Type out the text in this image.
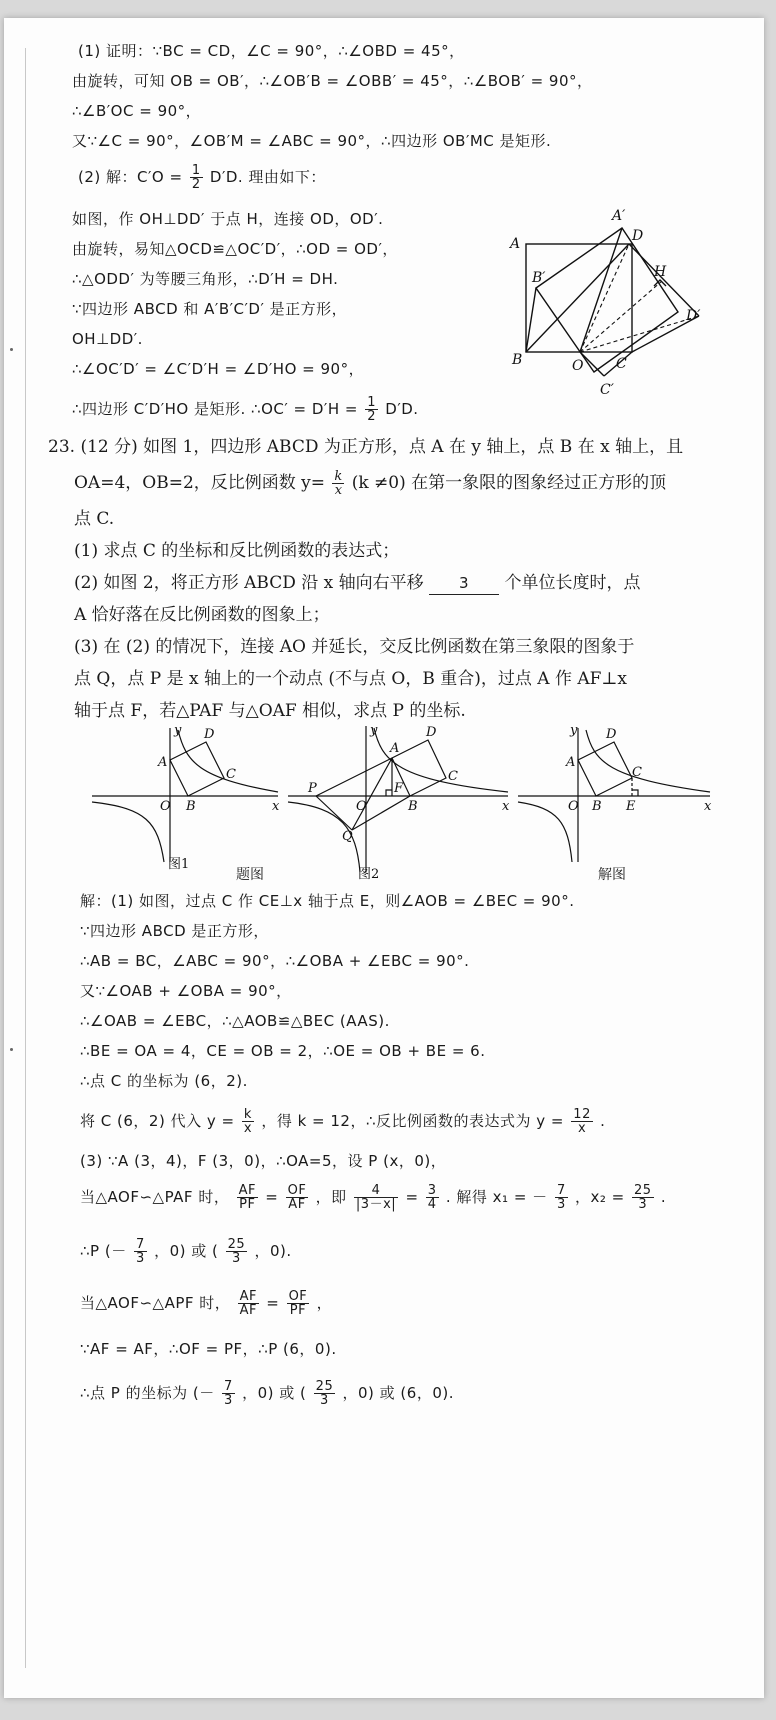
(1) 证明：∵BC = CD，∠C = 90°，∴∠OBD = 45°，
由旋转，可知 OB = OB′，∴∠OB′B = ∠OBB′ = 45°，∴∠BOB′ = 90°，
∴∠B′OC = 90°，
又∵∠C = 90°，∠OB′M = ∠ABC = 90°，∴四边形 OB′MC 是矩形.
(2) 解：$C'O = \frac{1}{2} D'D$. 理由如下：
如图，作 OH⊥DD′ 于点 H，连接 OD，OD′.
由旋转，易知△OCD≌△OC′D′，∴OD = OD′，
∴△ODD′ 为等腰三角形，∴D′H = DH.
∵四边形 ABCD 和 A′B′C′D′ 是正方形，
OH⊥DD′.
∴∠OC′D′ = ∠C′D′H = ∠D′HO = 90°，
∴四边形 C′D′HO 是矩形. ∴OC′ = $D'H = \frac{1}{2} D'D$.
A
A′
D
H
B′
D′
B	O C
C′
23. (12 分) 如图 1，四边形 ABCD 为正方形，点 A 在 y 轴上，点 B 在 x 轴上，且
OA=4，OB=2，反比例函数 $y= \frac{k}{x} (k \ne 0)$ 在第一象限的图象经过正方形的顶
点 C.
(1) 求点 C 的坐标和反比例函数的表达式；
(2) 如图 2，将正方形 ABCD 沿 x 轴向右平移 3 个单位长度时，点
A 恰好落在反比例函数的图象上；
(3) 在 (2) 的情况下，连接 AO 并延长，交反比例函数在第三象限的图象于
点 Q，点 P 是 x 轴上的一个动点 (不与点 O，B 重合)，过点 A 作 AF⊥x
轴于点 F，若△PAF 与△OAF 相似，求点 P 的坐标.
y
x
O
A
B
C
D
图1
y
x
O
A
B
C
D
P
Q
F
图2
y
x
O
A
B E
C
D
题图	解图
解：(1) 如图，过点 C 作 CE⊥x 轴于点 E，则∠AOB = ∠BEC = 90°.
∵四边形 ABCD 是正方形，
∴AB = BC，∠ABC = 90°，∴∠OBA + ∠EBC = 90°.
又∵∠OAB + ∠OBA = 90°，
∴∠OAB = ∠EBC，∴△AOB≌△BEC (AAS).
∴BE = OA = 4，CE = OB = 2，∴OE = OB + BE = 6.
∴点 C 的坐标为 (6，2).
将 C (6，2) 代入 $y = \frac{k}{x}$ ，得 k = 12，∴反比例函数的表达式为 $y = \frac{12}{x}$ .
(3) ∵A (3，4)，F (3，0)，∴OA=5，设 P (x，0)，
当△AOF∽△PAF 时， $\frac{AF}{PF} = \frac{OF}{AF}$ ，即 $\frac{4}{|3-x|} = \frac{3}{4}$ . 解得 x₁ = － $\frac{7}{3}$ ，$x_2 = \frac{25}{3}$ .
∴P (－ $\frac{7}{3}$ ，0) 或 ( $\frac{25}{3}$ ，0).
当△AOF∽△APF 时， $\frac{AF}{AF} = \frac{OF}{PF}$ ，
∵AF = AF，∴OF = PF，∴P (6，0).
∴点 P 的坐标为 (－ $\frac{7}{3}$ ，0) 或 ( $\frac{25}{3}$ ，0) 或 (6，0).
